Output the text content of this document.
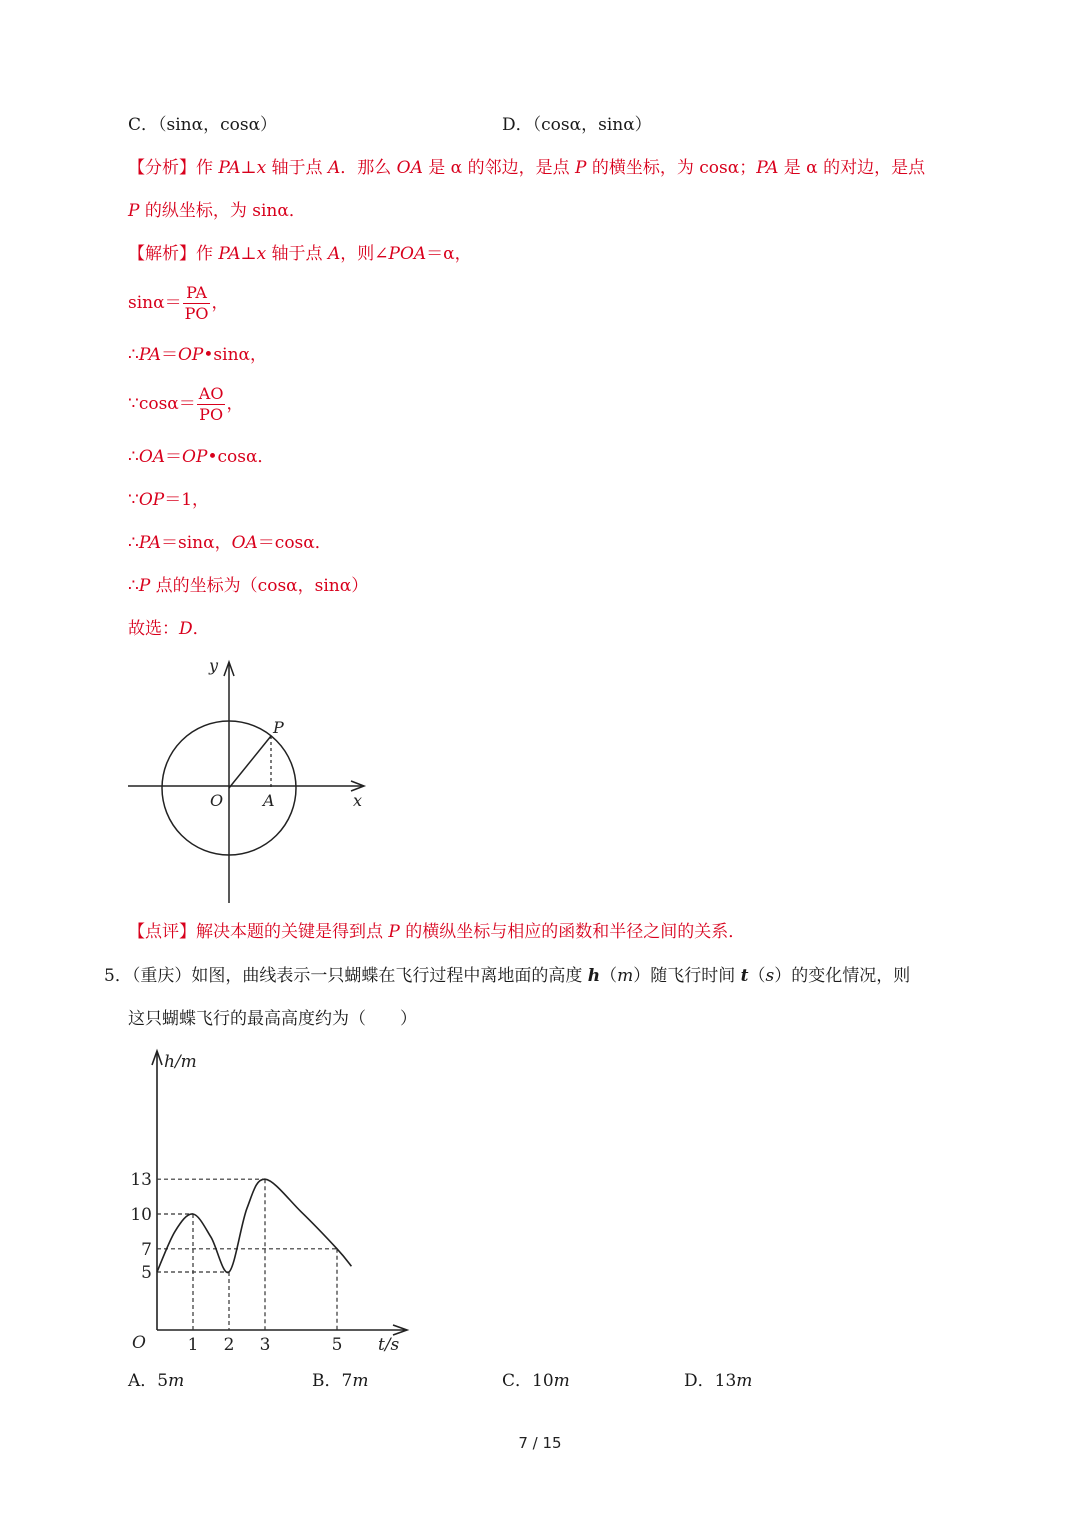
C．（sinα，cosα）	D．（cosα，sinα）
【分析】作 PA⊥x 轴于点 A．那么 OA 是 α 的邻边，是点 P 的横坐标，为 cosα；PA 是 α 的对边，是点
P 的纵坐标，为 sinα．
【解析】作 PA⊥x 轴于点 A，则∠POA＝α，
$\sin\alpha= \frac{PA}{PO}$ ，
∴PA＝OP•sinα，
∵cosα＝ $\frac{AO}{PO}$ ，
∴OA＝OP•cosα．
∵OP＝1，
∴PA＝sinα，OA＝cosα．
∴P 点的坐标为（cosα，sinα）
故选：D．
y
P
O A	x
【点评】解决本题的关键是得到点 P 的横纵坐标与相应的函数和半径之间的关系．
5．（重庆）如图，曲线表示一只蝴蝶在飞行过程中离地面的高度 h（m）随飞行时间 t（s）的变化情况，则
这只蝴蝶飞行的最高高度约为（　　）
h/m
t/s
O 1 2 3	5
5
7
10
13
A．5m	B．7m	C．10m	D．13m
7 / 15
